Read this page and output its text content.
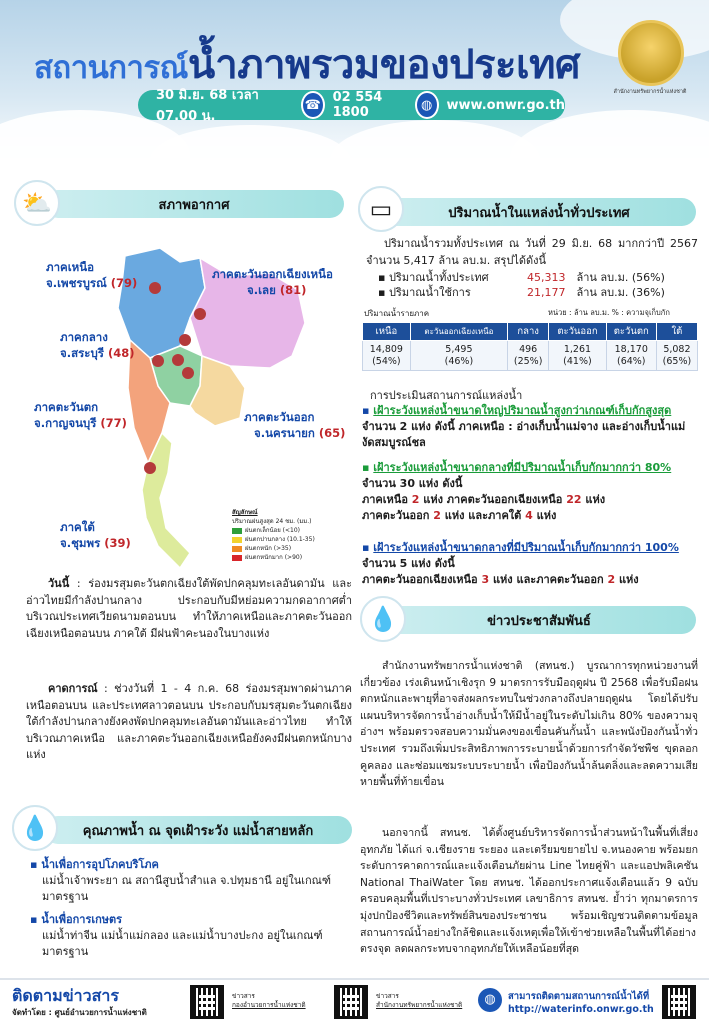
สถานการณ์น้ำภาพรวมของประเทศ
สำนักงานทรัพยากรน้ำแห่งชาติ
30 มิ.ย. 68 เวลา 07.00 น.
☎ 02 554 1800	◍	www.onwr.go.th
สภาพอากาศ
⛅
ภาคเหนือ
จ.เพชรบูรณ์ (79)
ภาคตะวันออกเฉียงเหนือ
จ.เลย (81)
ภาคกลาง
จ.สระบุรี (48)
ภาคตะวันตก
จ.กาญจนบุรี (77)	ภาคตะวันออก
จ.นครนายก (65)
ภาคใต้
จ.ชุมพร (39)
สัญลักษณ์
ปริมาณฝนสูงสุด 24 ชม. (มม.)
ฝนตกเล็กน้อย (<10)
ฝนตกปานกลาง (10.1-35)
ฝนตกหนัก (>35)
ฝนตกหนักมาก (>90)
วันนี้ : ร่องมรสุมตะวันตกเฉียงใต้พัดปกคลุมทะเลอันดามัน และอ่าวไทยมีกำลังปานกลาง ประกอบกับมีหย่อมความกดอากาศต่ำบริเวณประเทศเวียดนามตอนบน ทำให้ภาคเหนือและภาคตะวันออกเฉียงเหนือตอนบน ภาคใต้ มีฝนฟ้าคะนองในบางแห่ง
คาดการณ์ : ช่วงวันที่ 1 - 4 ก.ค. 68 ร่องมรสุมพาดผ่านภาคเหนือตอนบน และประเทศลาวตอนบน ประกอบกับมรสุมตะวันตกเฉียงใต้กำลังปานกลางยังคงพัดปกคลุมทะเลอันดามันและอ่าวไทย ทำให้บริเวณภาคเหนือ และภาคตะวันออกเฉียงเหนือยังคงมีฝนตกหนักบางแห่ง
คุณภาพน้ำ ณ จุดเฝ้าระวัง แม่น้ำสายหลัก
💧
▪ น้ำเพื่อการอุปโภคบริโภค
แม่น้ำเจ้าพระยา ณ สถานีสูบน้ำสำแล จ.ปทุมธานี อยู่ในเกณฑ์มาตรฐาน
▪ น้ำเพื่อการเกษตร
แม่น้ำท่าจีน แม่น้ำแม่กลอง และแม่น้ำบางปะกง อยู่ในเกณฑ์มาตรฐาน
ปริมาณน้ำในแหล่งน้ำทั่วประเทศ
▭
ปริมาณน้ำรวมทั้งประเทศ ณ วันที่ 29 มิ.ย. 68 มากกว่าปี 2567 จำนวน 5,417 ล้าน ลบ.ม. สรุปได้ดังนี้
▪ ปริมาณน้ำทั้งประเทศ	45,313 ล้าน ลบ.ม. (56%)
▪ ปริมาณน้ำใช้การ	21,177 ล้าน ลบ.ม. (36%)
ปริมาณน้ำรายภาค	หน่วย : ล้าน ลบ.ม. % : ความจุเก็บกัก
เหนือ	ตะวันออกเฉียงเหนือ	กลาง	ตะวันออก	ตะวันตก	ใต้
14,809
(54%)	5,495
(46%)	496
(25%)	1,261
(41%)	18,170
(64%)	5,082
(65%)
การประเมินสถานการณ์แหล่งน้ำ
▪ เฝ้าระวังแหล่งน้ำขนาดใหญ่ปริมาณน้ำสูงกว่าเกณฑ์เก็บกักสูงสุด จำนวน 2 แห่ง ดังนี้ ภาคเหนือ : อ่างเก็บน้ำแม่จาง และอ่างเก็บน้ำแม่งัดสมบูรณ์ชล
▪ เฝ้าระวังแหล่งน้ำขนาดกลางที่มีปริมาณน้ำเก็บกักมากกว่า 80% จำนวน 30 แห่ง ดังนี้
ภาคเหนือ 2 แห่ง ภาคตะวันออกเฉียงเหนือ 22 แห่ง
ภาคตะวันออก 2 แห่ง และภาคใต้ 4 แห่ง
▪ เฝ้าระวังแหล่งน้ำขนาดกลางที่มีปริมาณน้ำเก็บกักมากกว่า 100% จำนวน 5 แห่ง ดังนี้
ภาคตะวันออกเฉียงเหนือ 3 แห่ง และภาคตะวันออก 2 แห่ง
ข่าวประชาสัมพันธ์
💧
สำนักงานทรัพยากรน้ำแห่งชาติ (สทนช.) บูรณาการทุกหน่วยงานที่เกี่ยวข้อง เร่งเดินหน้าเชิงรุก 9 มาตรการรับมือฤดูฝน ปี 2568 เพื่อรับมือฝนตกหนักและพายุที่อาจส่งผลกระทบในช่วงกลางถึงปลายฤดูฝน โดยได้ปรับแผนบริหารจัดการน้ำอ่างเก็บน้ำให้มีน้ำอยู่ในระดับไม่เกิน 80% ของความจุอ่างฯ พร้อมตรวจสอบความมั่นคงของเขื่อนคันกั้นน้ำ และพนังป้องกันน้ำทั่วประเทศ รวมถึงเพิ่มประสิทธิภาพการระบายน้ำด้วยการกำจัดวัชพืช ขุดลอกคูคลอง และซ่อมแซมระบบระบายน้ำ เพื่อป้องกันน้ำล้นตลิ่งและลดความเสียหายพื้นที่ท้ายเขื่อน
นอกจากนี้ สทนช. ได้ตั้งศูนย์บริหารจัดการน้ำส่วนหน้าในพื้นที่เสี่ยงอุทกภัย ได้แก่ จ.เชียงราย ระยอง และเตรียมขยายไป จ.หนองคาย พร้อมยกระดับการคาดการณ์และแจ้งเตือนภัยผ่าน Line ไทยคู่ฟ้า และแอปพลิเคชัน National ThaiWater โดย สทนช. ได้ออกประกาศแจ้งเตือนแล้ว 9 ฉบับ ครอบคลุมพื้นที่เปราะบางทั่วประเทศ เลขาธิการ สทนช. ย้ำว่า ทุกมาตรการมุ่งปกป้องชีวิตและทรัพย์สินของประชาชน พร้อมเชิญชวนติดตามข้อมูลสถานการณ์น้ำอย่างใกล้ชิดและแจ้งเหตุเพื่อให้เข้าช่วยเหลือในพื้นที่ได้อย่างตรงจุด ลดผลกระทบจากอุทกภัยให้เหลือน้อยที่สุด
ติดตามข่าวสาร
จัดทำโดย : ศูนย์อำนวยการน้ำแห่งชาติ
ข่าวสาร
กองอำนวยการน้ำแห่งชาติ
ข่าวสาร
สำนักงานทรัพยากรน้ำแห่งชาติ	◍	สามารถติดตามสถานการณ์น้ำได้ที่
http://waterinfo.onwr.go.th
